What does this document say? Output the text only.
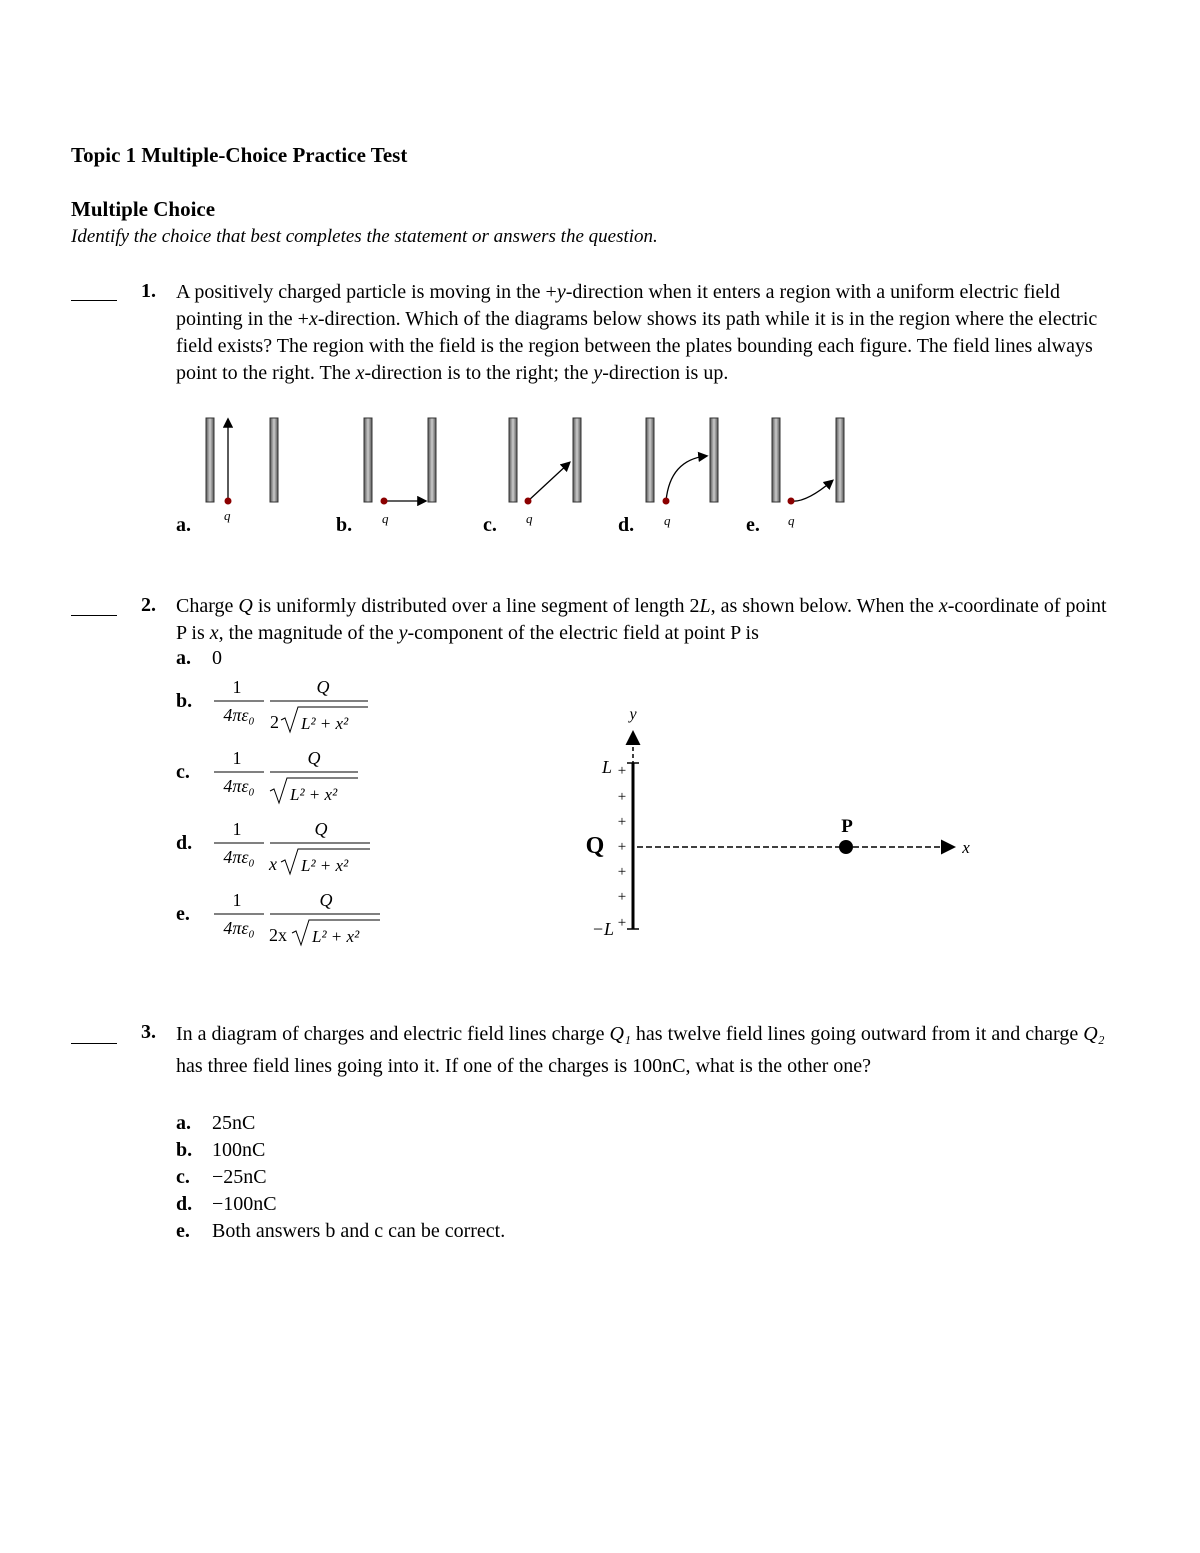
Topic 1 Multiple-Choice Practice Test
Multiple Choice
Identify the choice that best completes the statement or answers the question.
1. A positively charged particle is moving in the +y-direction when it enters a region with a uniform electric field pointing in the +x-direction. Which of the diagrams below shows its path while it is in the region where the electric field exists? The region with the field is the region between the plates bounding each figure. The field lines always point to the right. The x-direction is to the right; the y-direction is up.
a.	q	b. q	c. q	d. q	e. q
2. Charge Q is uniformly distributed over a line segment of length 2L, as shown below. When the x-coordinate of point P is x, the magnitude of the y-component of the electric field at point P is
a. 0
b.
1
4πε₀
Q
2 L² + x²
c.
1
4πε₀
Q
L² + x²
d.
1
4πε₀
Q
x L² + x²
e.
1
4πε₀
Q
2x L² + x²
y
+
+
+
+
+
+
+
L
−L
Q	x
P
3. In a diagram of charges and electric field lines charge Q₁ has twelve field lines going outward from it and charge Q₂ has three field lines going into it. If one of the charges is 100nC, what is the other one?
a. 25nC
b. 100nC
c. −25nC
d. −100nC
e. Both answers b and c can be correct.
